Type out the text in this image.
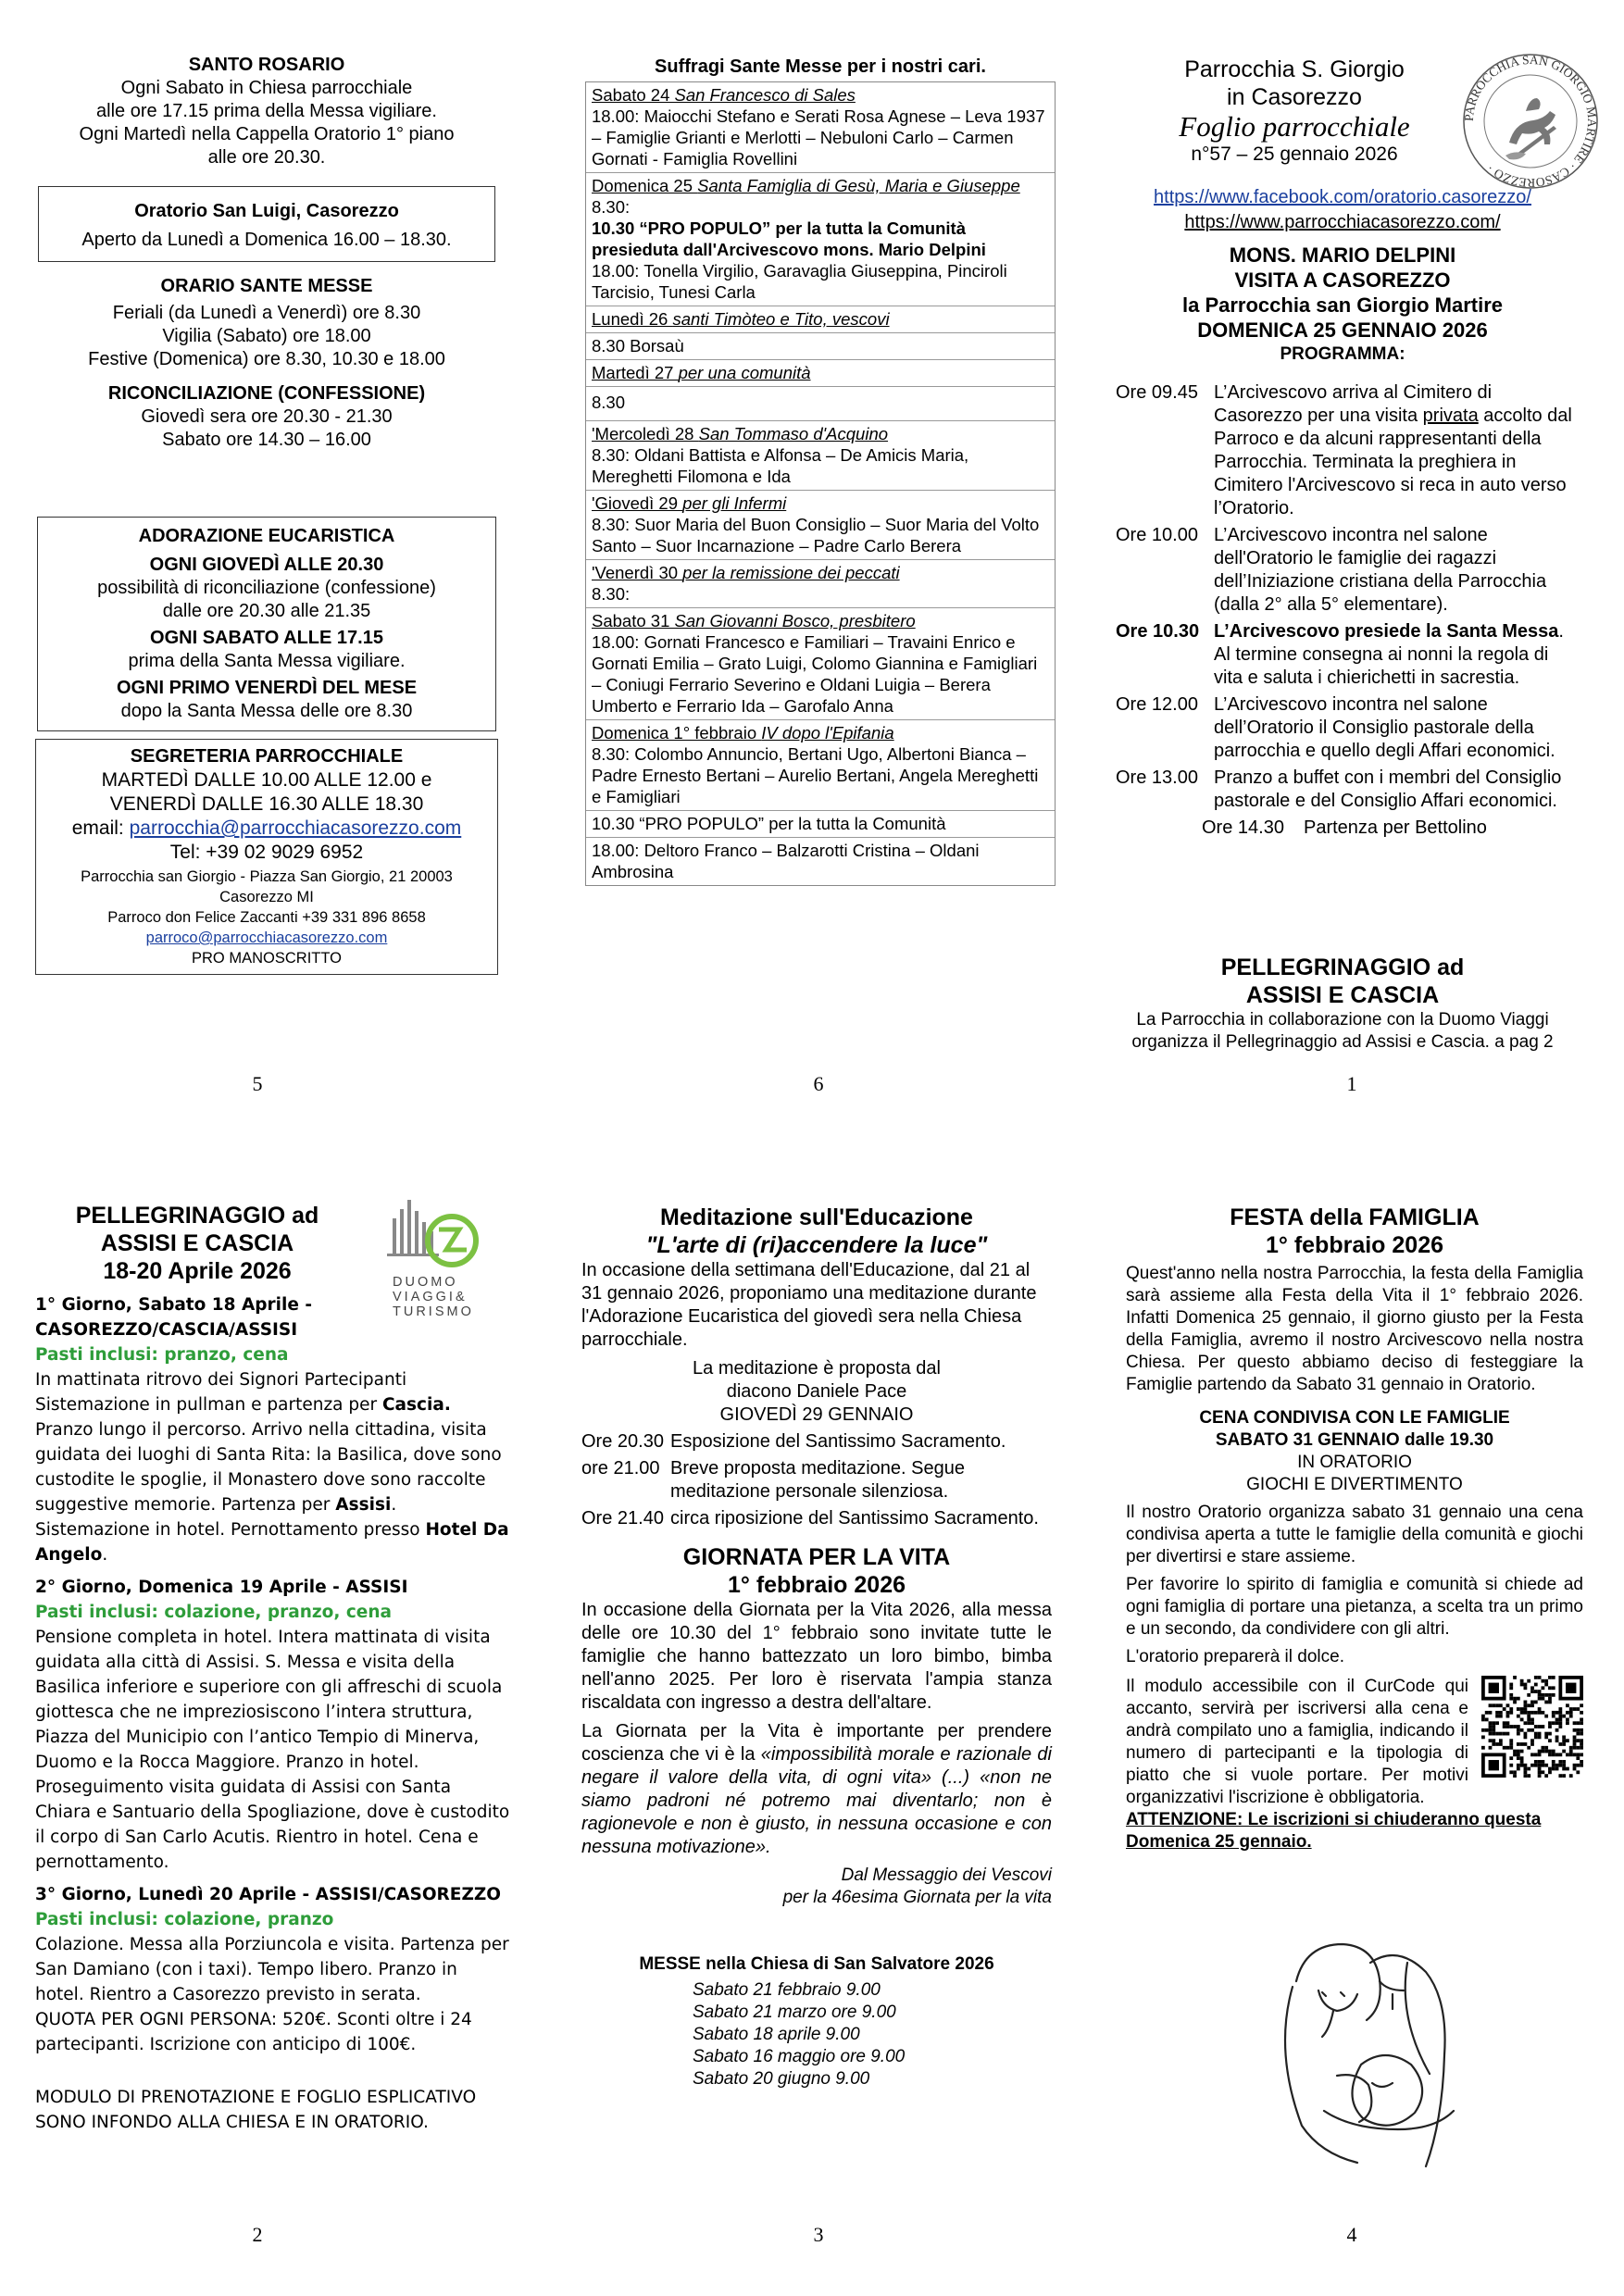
SANTO ROSARIO
Ogni Sabato in Chiesa parrocchiale
alle ore 17.15 prima della Messa vigiliare.
Ogni Martedì nella Cappella Oratorio 1° piano
alle ore 20.30.
Oratorio San Luigi, Casorezzo
Aperto da Lunedì a Domenica 16.00 – 18.30.
ORARIO SANTE MESSE
Feriali (da Lunedì a Venerdì) ore 8.30
Vigilia (Sabato) ore 18.00
Festive (Domenica) ore 8.30, 10.30 e 18.00
RICONCILIAZIONE (CONFESSIONE)
Giovedì sera ore 20.30 - 21.30
Sabato ore 14.30 – 16.00
ADORAZIONE EUCARISTICA
OGNI GIOVEDÌ ALLE 20.30
possibilità di riconciliazione (confessione)
dalle ore 20.30 alle 21.35
OGNI SABATO ALLE 17.15
prima della Santa Messa vigiliare.
OGNI PRIMO VENERDÌ DEL MESE
dopo la Santa Messa delle ore 8.30
SEGRETERIA PARROCCHIALE
MARTEDÌ DALLE 10.00 ALLE 12.00 e
VENERDÌ DALLE 16.30 ALLE 18.30
email: parrocchia@parrocchiacasorezzo.com
Tel: +39 02 9029 6952
Parrocchia san Giorgio - Piazza San Giorgio, 21 20003
Casorezzo MI
Parroco don Felice Zaccanti +39 331 896 8658
parroco@parrocchiacasorezzo.com
PRO MANOSCRITTO
5
Suffragi Sante Messe per i nostri cari.
Sabato 24 San Francesco di Sales
18.00: Maiocchi Stefano e Serati Rosa Agnese – Leva 1937 – Famiglie Grianti e Merlotti – Nebuloni Carlo – Carmen Gornati - Famiglia Rovellini
Domenica 25 Santa Famiglia di Gesù, Maria e Giuseppe
8.30:
10.30 “PRO POPULO” per la tutta la Comunità presieduta dall'Arcivescovo mons. Mario Delpini
18.00: Tonella Virgilio, Garavaglia Giuseppina, Pinciroli Tarcisio, Tunesi Carla
Lunedì 26 santi Timòteo e Tito, vescovi
8.30 Borsaù
Martedì 27 per una comunità
8.30
'Mercoledì 28 San Tommaso d'Acquino
8.30: Oldani Battista e Alfonsa – De Amicis Maria, Mereghetti Filomona e Ida
'Giovedì 29 per gli Infermi
8.30: Suor Maria del Buon Consiglio – Suor Maria del Volto Santo – Suor Incarnazione – Padre Carlo Berera
'Venerdì 30 per la remissione dei peccati
8.30:
Sabato 31 San Giovanni Bosco, presbitero
18.00: Gornati Francesco e Familiari – Travaini Enrico e Gornati Emilia – Grato Luigi, Colomo Giannina e Famigliari – Coniugi Ferrario Severino e Oldani Luigia – Berera Umberto e Ferrario Ida – Garofalo Anna
Domenica 1° febbraio IV dopo l'Epifania
8.30: Colombo Annuncio, Bertani Ugo, Albertoni Bianca – Padre Ernesto Bertani – Aurelio Bertani, Angela Mereghetti e Famigliari
10.30 “PRO POPULO” per la tutta la Comunità
18.00: Deltoro Franco – Balzarotti Cristina – Oldani Ambrosina
6
Parrocchia S. Giorgio
in Casorezzo
Foglio parrocchiale
n°57 – 25 gennaio 2026
PARROCCHIA SAN GIORGIO MARTIRE · CASOREZZO ·
https://www.facebook.com/oratorio.casorezzo/
https://www.parrocchiacasorezzo.com/
MONS. MARIO DELPINI
VISITA A CASOREZZO
la Parrocchia san Giorgio Martire
DOMENICA 25 GENNAIO 2026
PROGRAMMA:
Ore 09.45 L’Arcivescovo arriva al Cimitero di Casorezzo per una visita privata accolto dal Parroco e da alcuni rappresentanti della Parrocchia. Terminata la preghiera in Cimitero l'Arcivescovo si reca in auto verso l’Oratorio.
Ore 10.00 L’Arcivescovo incontra nel salone dell'Oratorio le famiglie dei ragazzi dell’Iniziazione cristiana della Parrocchia (dalla 2° alla 5° elementare).
Ore 10.30 L’Arcivescovo presiede la Santa Messa. Al termine consegna ai nonni la regola di vita e saluta i chierichetti in sacrestia.
Ore 12.00 L’Arcivescovo incontra nel salone dell’Oratorio il Consiglio pastorale della parrocchia e quello degli Affari economici.
Ore 13.00 Pranzo a buffet con i membri del Consiglio pastorale e del Consiglio Affari economici.
Ore 14.30	Partenza per Bettolino
PELLEGRINAGGIO ad
ASSISI E CASCIA
La Parrocchia in collaborazione con la Duomo Viaggi
organizza il Pellegrinaggio ad Assisi e Cascia. a pag 2
1
PELLEGRINAGGIO ad
ASSISI E CASCIA
18-20 Aprile 2026	DUOMO
VIAGGI&
TURISMO
1° Giorno, Sabato 18 Aprile - CASOREZZO/CASCIA/ASSISI
Pasti inclusi: pranzo, cena
In mattinata ritrovo dei Signori Partecipanti Sistemazione in pullman e partenza per Cascia. Pranzo lungo il percorso. Arrivo nella cittadina, visita guidata dei luoghi di Santa Rita: la Basilica, dove sono custodite le spoglie, il Monastero dove sono raccolte suggestive memorie. Partenza per Assisi. Sistemazione in hotel. Pernottamento presso Hotel Da Angelo.
2° Giorno, Domenica 19 Aprile - ASSISI
Pasti inclusi: colazione, pranzo, cena
Pensione completa in hotel. Intera mattinata di visita guidata alla città di Assisi. S. Messa e visita della Basilica inferiore e superiore con gli affreschi di scuola giottesca che ne impreziosiscono l’intera struttura, Piazza del Municipio con l’antico Tempio di Minerva, Duomo e la Rocca Maggiore. Pranzo in hotel. Proseguimento visita guidata di Assisi con Santa Chiara e Santuario della Spogliazione, dove è custodito il corpo di San Carlo Acutis. Rientro in hotel. Cena e pernottamento.
3° Giorno, Lunedì 20 Aprile - ASSISI/CASOREZZO
Pasti inclusi: colazione, pranzo
Colazione. Messa alla Porziuncola e visita. Partenza per San Damiano (con i taxi). Tempo libero. Pranzo in hotel. Rientro a Casorezzo previsto in serata.
QUOTA PER OGNI PERSONA: 520€. Sconti oltre i 24 partecipanti. Iscrizione con anticipo di 100€.
MODULO DI PRENOTAZIONE E FOGLIO ESPLICATIVO
SONO INFONDO ALLA CHIESA E IN ORATORIO.
2
Meditazione sull'Educazione
"L'arte di (ri)accendere la luce"
In occasione della settimana dell'Educazione, dal 21 al 31 gennaio 2026, proponiamo una meditazione durante l'Adorazione Eucaristica del giovedì sera nella Chiesa parrocchiale.
La meditazione è proposta dal
diacono Daniele Pace
GIOVEDÌ 29 GENNAIO
Ore 20.30 Esposizione del Santissimo Sacramento.
ore 21.00 Breve proposta meditazione. Segue meditazione personale silenziosa.
Ore 21.40 circa riposizione del Santissimo Sacramento.
GIORNATA PER LA VITA
1° febbraio 2026
In occasione della Giornata per la Vita 2026, alla messa delle ore 10.30 del 1° febbraio sono invitate tutte le famiglie che hanno battezzato un loro bimbo, bimba nell'anno 2025. Per loro è riservata l'ampia stanza riscaldata con ingresso a destra dell'altare.
La Giornata per la Vita è importante per prendere coscienza che vi è la «impossibilità morale e razionale di negare il valore della vita, di ogni vita» (...) «non ne siamo padroni né potremo mai diventarlo; non è ragionevole e non è giusto, in nessuna occasione e con nessuna motivazione».
Dal Messaggio dei Vescovi
per la 46esima Giornata per la vita
MESSE nella Chiesa di San Salvatore 2026
Sabato 21 febbraio 9.00
Sabato 21 marzo ore 9.00
Sabato 18 aprile 9.00
Sabato 16 maggio ore 9.00
Sabato 20 giugno 9.00
3
FESTA della FAMIGLIA
1° febbraio 2026
Quest'anno nella nostra Parrocchia, la festa della Famiglia sarà assieme alla Festa della Vita il 1° febbraio 2026. Infatti Domenica 25 gennaio, il giorno giusto per la Festa della Famiglia, avremo il nostro Arcivescovo nella nostra Chiesa. Per questo abbiamo deciso di festeggiare la Famiglie partendo da Sabato 31 gennaio in Oratorio.
CENA CONDIVISA CON LE FAMIGLIE
SABATO 31 GENNAIO dalle 19.30
IN ORATORIO
GIOCHI E DIVERTIMENTO
Il nostro Oratorio organizza sabato 31 gennaio una cena condivisa aperta a tutte le famiglie della comunità e giochi per divertirsi e stare assieme.
Per favorire lo spirito di famiglia e comunità si chiede ad ogni famiglia di portare una pietanza, a scelta tra un primo e un secondo, da condividere con gli altri.
L'oratorio preparerà il dolce.
Il modulo accessibile con il CurCode qui accanto, servirà per iscriversi alla cena e andrà compilato uno a famiglia, indicando il numero di partecipanti e la tipologia di piatto che si vuole portare. Per motivi organizzativi l'iscrizione è obbligatoria.
ATTENZIONE: Le iscrizioni si chiuderanno questa Domenica 25 gennaio.
4
